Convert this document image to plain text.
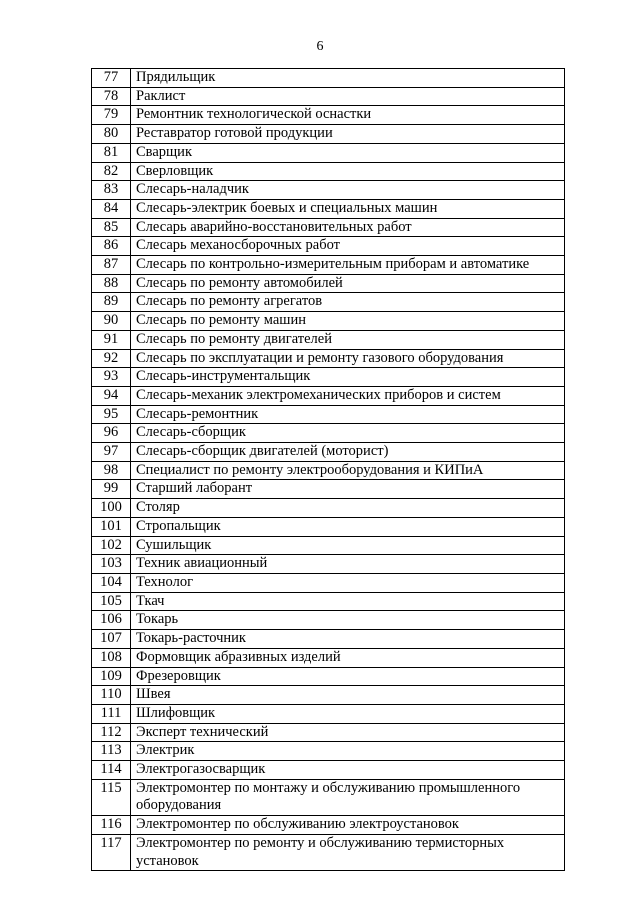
6
77	Прядильщик
78	Раклист
79	Ремонтник технологической оснастки
80	Реставратор готовой продукции
81	Сварщик
82	Сверловщик
83	Слесарь-наладчик
84	Слесарь-электрик боевых и специальных машин
85	Слесарь аварийно-восстановительных работ
86	Слесарь механосборочных работ
87	Слесарь по контрольно-измерительным приборам и автоматике
88	Слесарь по ремонту автомобилей
89	Слесарь по ремонту агрегатов
90	Слесарь по ремонту машин
91	Слесарь по ремонту двигателей
92	Слесарь по эксплуатации и ремонту газового оборудования
93	Слесарь-инструментальщик
94	Слесарь-механик электромеханических приборов и систем
95	Слесарь-ремонтник
96	Слесарь-сборщик
97	Слесарь-сборщик двигателей (моторист)
98	Специалист по ремонту электрооборудования и КИПиА
99	Старший лаборант
100	Столяр
101	Стропальщик
102	Сушильщик
103	Техник авиационный
104	Технолог
105	Ткач
106	Токарь
107	Токарь-расточник
108	Формовщик абразивных изделий
109	Фрезеровщик
110	Швея
111	Шлифовщик
112	Эксперт технический
113	Электрик
114	Электрогазосварщик
115	Электромонтер по монтажу и обслуживанию промышленного оборудования
116	Электромонтер по обслуживанию электроустановок
117	Электромонтер по ремонту и обслуживанию термисторных установок
